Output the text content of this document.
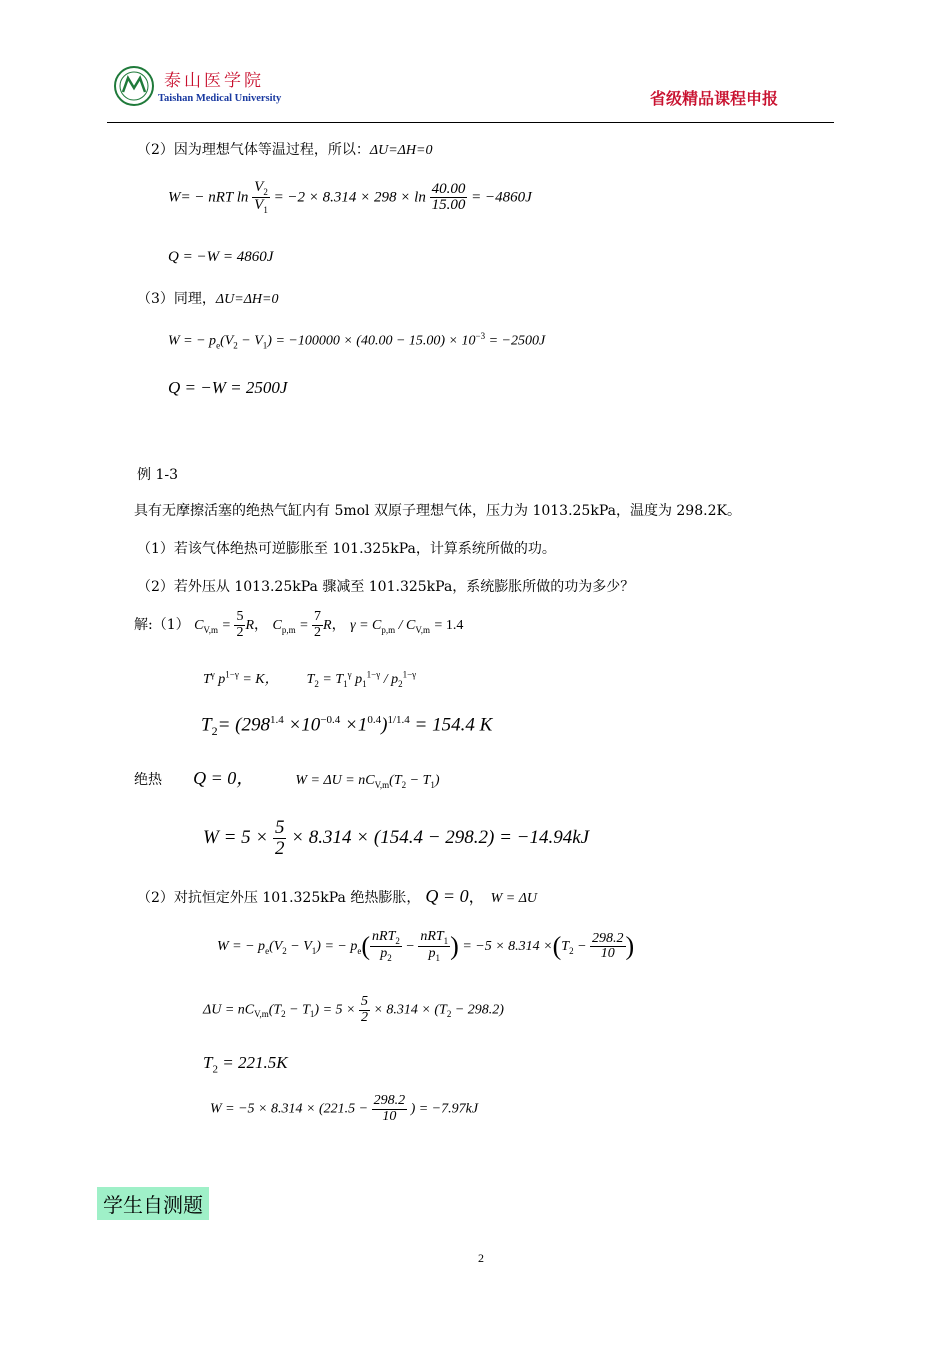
泰山医学院
Taishan Medical University	省级精品课程申报
（2）因为理想气体等温过程，所以：ΔU=ΔH=0
W= − nRT $\ln \frac{V_2}{V_1} = -2 \times 8.314 \times 298 \times \ln \frac{40.00}{15.00} = -4860J$
Q = −W = 4860J
（3）同理，ΔU=ΔH=0
W = − $p_e(V_2 - V_1) = -100000 \times (40.00 - 15.00) \times 10^{-3} = -2500J$
Q = −W = 2500J
例 1-3
具有无摩擦活塞的绝热气缸内有 5mol 双原子理想气体，压力为 1013.25kPa，温度为 298.2K。
（1）若该气体绝热可逆膨胀至 101.325kPa，计算系统所做的功。
（2）若外压从 1013.25kPa 骤减至 101.325kPa，系统膨胀所做的功为多少？
解:（1） $C_{V,m} = \frac{5}{2}$ R， $C_{p,m} = \frac{7}{2}$ R， $\gamma = C_{p,m} / C_{V,m} = 1.4$
$T^\gamma$ $p^{1-\gamma} = K$，        $T_2 = T_1^\gamma$ $p_1^{1-\gamma} / p_2^{1-\gamma}$
$T_2= (298^{1.4} \times 10^{-0.4} \times 1^{0.4})^{1/1.4} = 154.4$ K
绝热 Q = 0，	$W = \Delta U = nC_{V,m}(T_2 - T_1)$
$W = 5 \times \frac{5}{2} \times 8.314 \times (154.4 - 298.2) = -14.94kJ$
（2）对抗恒定外压 101.325kPa 绝热膨胀， Q = 0， W = ΔU
W = − $p_e(V_2 - V_1)$ = − $p_e( \frac{nRT_2}{p_2} - \frac{nRT_1}{p_1}$ ) = $-5 \times 8.314 \times(T_2 - \frac{298.2}{10}$ )
$\Delta U = nC_{V,m}(T_2 - T_1) = 5 \times \frac{5}{2} \times 8.314 \times (T_2 - 298.2)$
$T_2 = 221.5K$
$W = -5 \times 8.314 \times (221.5 - \frac{298.2}{10}$ ) = −7.97kJ
学生自测题
2
